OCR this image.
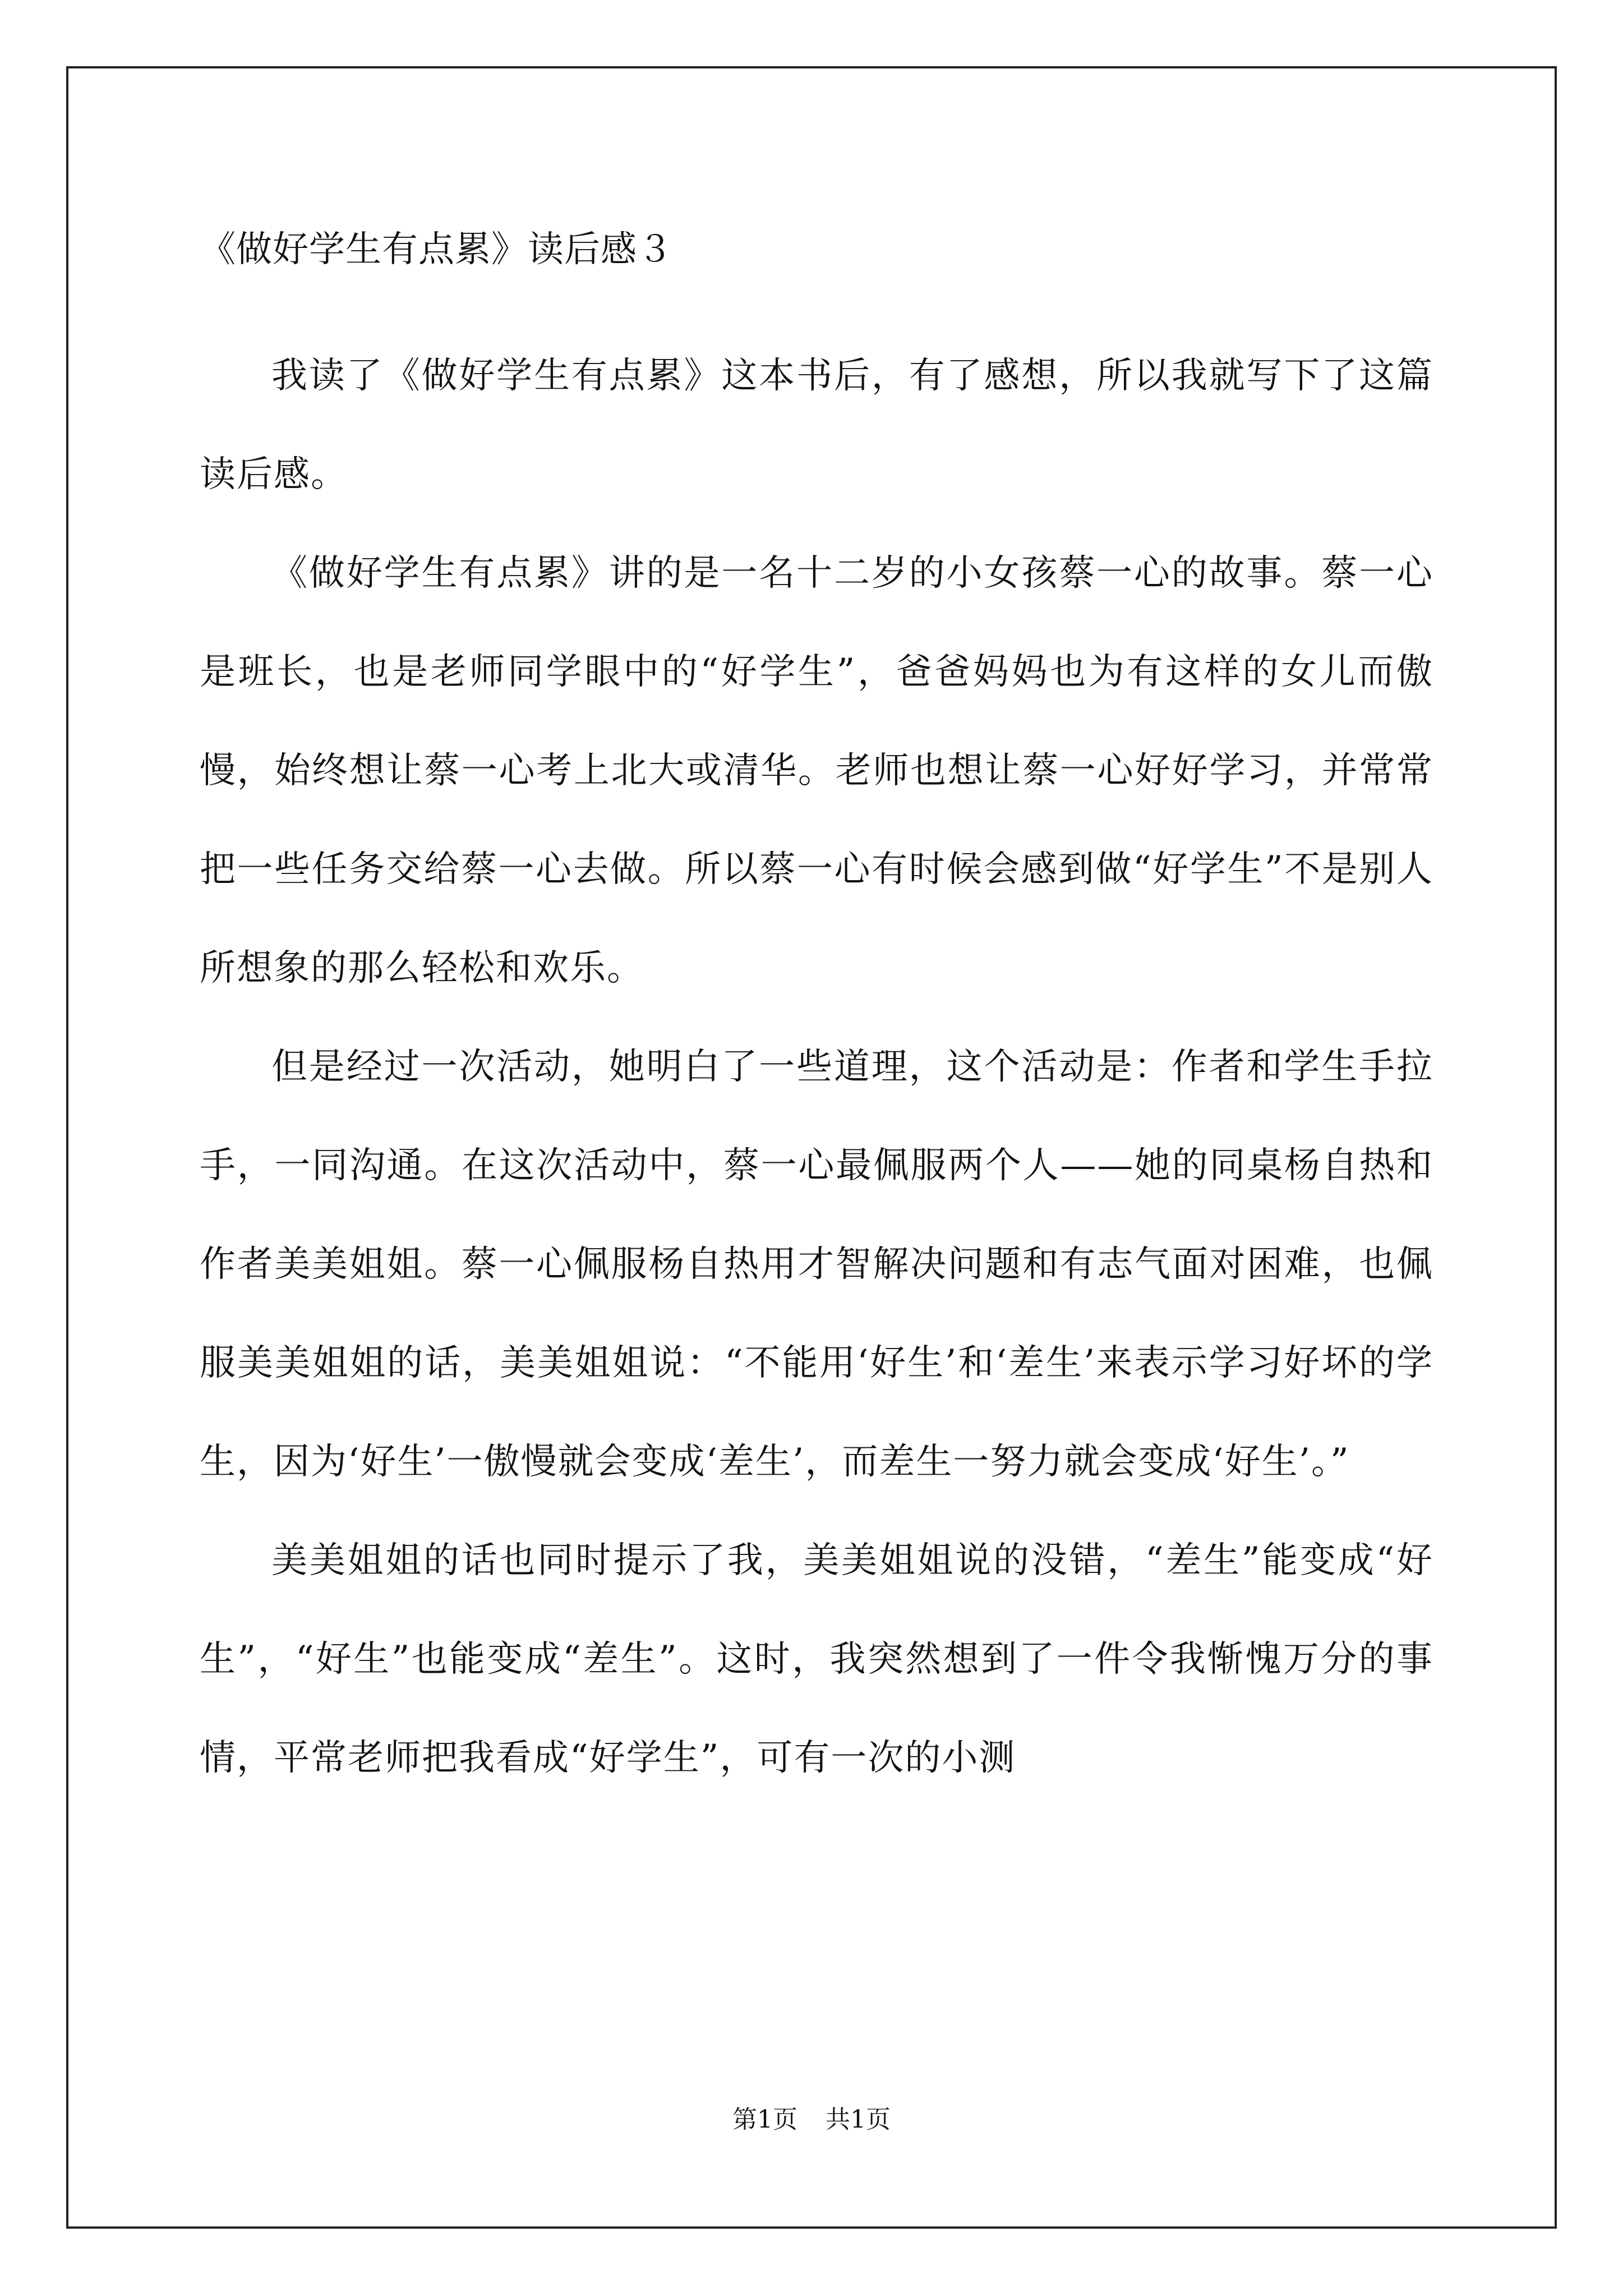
《做好学生有点累》读后感３

我读了《做好学生有点累》这本书后，有了感想，所以我就写下了这篇读后感。

《做好学生有点累》讲的是一名十二岁的小女孩蔡一心的故事。蔡一心是班长，也是老师同学眼中的“好学生”，爸爸妈妈也为有这样的女儿而傲慢，始终想让蔡一心考上北大或清华。老师也想让蔡一心好好学习，并常常把一些任务交给蔡一心去做。所以蔡一心有时候会感到做“好学生”不是别人所想象的那么轻松和欢乐。

但是经过一次活动，她明白了一些道理，这个活动是：作者和学生手拉手，一同沟通。在这次活动中，蔡一心最佩服两个人——她的同桌杨自热和作者美美姐姐。蔡一心佩服杨自热用才智解决问题和有志气面对困难，也佩服美美姐姐的话，美美姐姐说：“不能用‘好生’和‘差生’来表示学习好坏的学生，因为‘好生’一傲慢就会变成‘差生’，而差生一努力就会变成‘好生’。”

美美姐姐的话也同时提示了我，美美姐姐说的没错，“差生”能变成“好生”，“好生”也能变成“差生”。这时，我突然想到了一件令我惭愧万分的事情，平常老师把我看成“好学生”，可有一次的小测

第1页 共1页
